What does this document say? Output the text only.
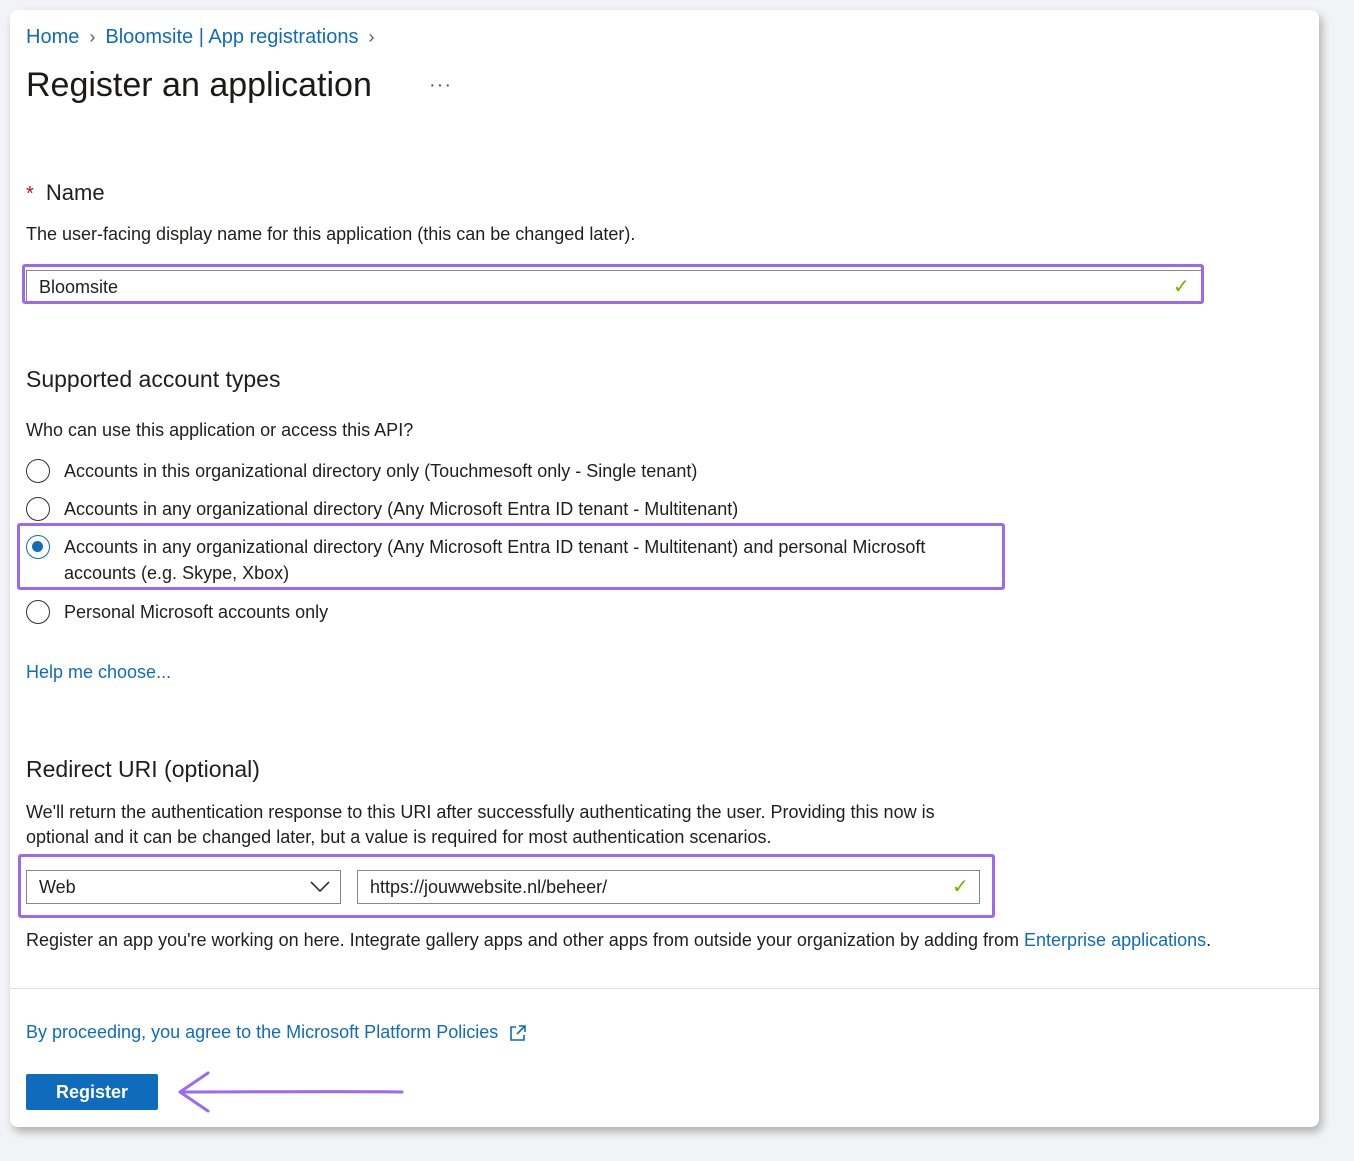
Home › Bloomsite | App registrations ›
Register an application	···
* Name
The user-facing display name for this application (this can be changed later).
Bloomsite	✓
Supported account types
Who can use this application or access this API?
Accounts in this organizational directory only (Touchmesoft only - Single tenant)
Accounts in any organizational directory (Any Microsoft Entra ID tenant - Multitenant)
Accounts in any organizational directory (Any Microsoft Entra ID tenant - Multitenant) and personal Microsoft
accounts (e.g. Skype, Xbox)
Personal Microsoft accounts only
Help me choose...
Redirect URI (optional)
We'll return the authentication response to this URI after successfully authenticating the user. Providing this now is
optional and it can be changed later, but a value is required for most authentication scenarios.
Web	https://jouwwebsite.nl/beheer/	✓
Register an app you're working on here. Integrate gallery apps and other apps from outside your organization by adding from Enterprise applications.
By proceeding, you agree to the Microsoft Platform Policies
Register
